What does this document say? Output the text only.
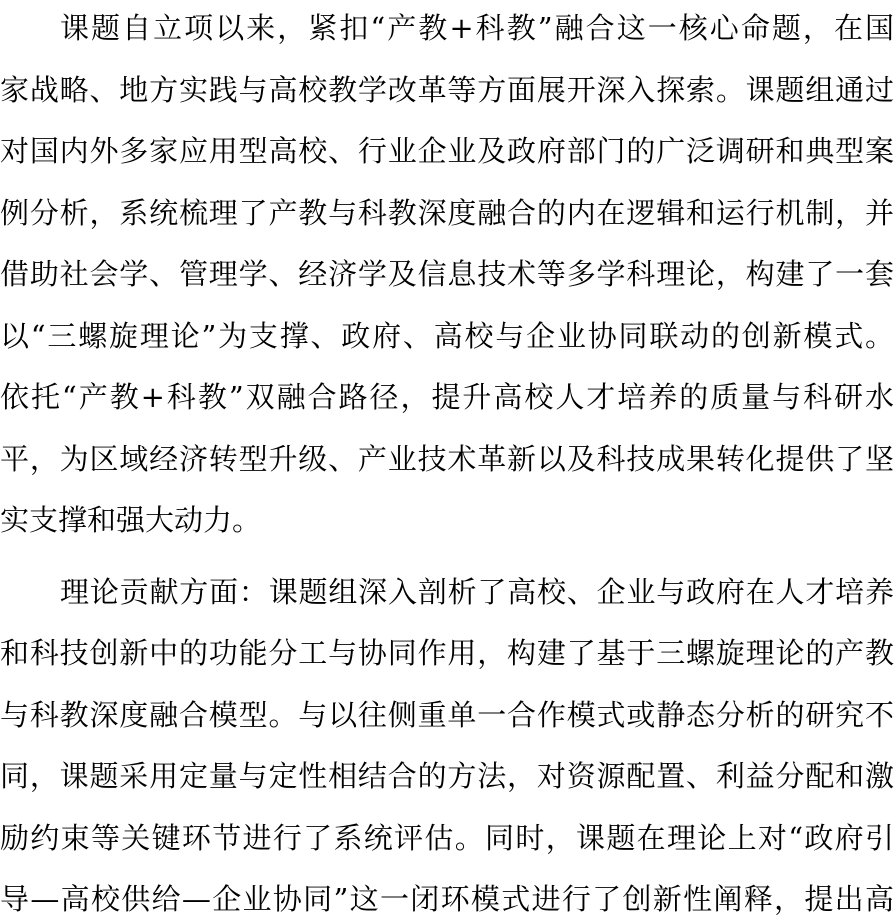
课题自立项以来，紧扣“产教+科教”融合这一核心命题，在国
家战略、地方实践与高校教学改革等方面展开深入探索。课题组通过
对国内外多家应用型高校、行业企业及政府部门的广泛调研和典型案
例分析，系统梳理了产教与科教深度融合的内在逻辑和运行机制，并
借助社会学、管理学、经济学及信息技术等多学科理论，构建了一套
以“三螺旋理论”为支撑、政府、高校与企业协同联动的创新模式。
依托“产教+科教”双融合路径，提升高校人才培养的质量与科研水
平，为区域经济转型升级、产业技术革新以及科技成果转化提供了坚
实支撑和强大动力。
理论贡献方面：课题组深入剖析了高校、企业与政府在人才培养
和科技创新中的功能分工与协同作用，构建了基于三螺旋理论的产教
与科教深度融合模型。与以往侧重单一合作模式或静态分析的研究不
同，课题采用定量与定性相结合的方法，对资源配置、利益分配和激
励约束等关键环节进行了系统评估。同时，课题在理论上对“政府引
导—高校供给—企业协同”这一闭环模式进行了创新性阐释，提出高
